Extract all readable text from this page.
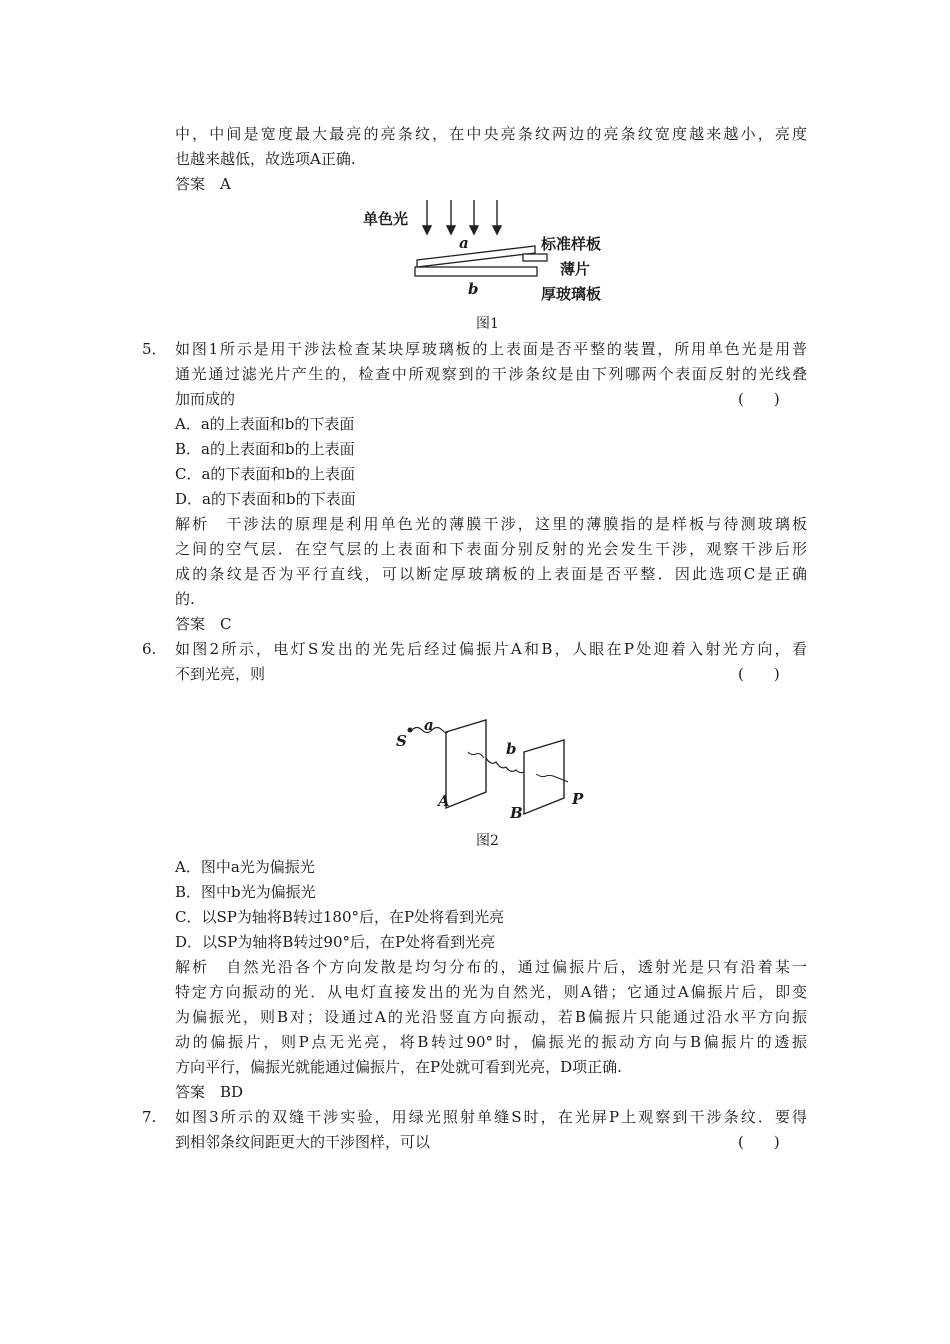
中，中间是宽度最大最亮的亮条纹，在中央亮条纹两边的亮条纹宽度越来越小，亮度
也越来越低，故选项A正确.
答案　A
单色光
a
b
标准样板
薄片
厚玻璃板
图1
5． 如图1所示是用干涉法检查某块厚玻璃板的上表面是否平整的装置，所用单色光是用普
通光通过滤光片产生的，检查中所观察到的干涉条纹是由下列哪两个表面反射的光线叠
加而成的	(　　)
A．a的上表面和b的下表面
B．a的上表面和b的上表面
C．a的下表面和b的上表面
D．a的下表面和b的下表面
解析　干涉法的原理是利用单色光的薄膜干涉，这里的薄膜指的是样板与待测玻璃板
之间的空气层．在空气层的上表面和下表面分别反射的光会发生干涉，观察干涉后形
成的条纹是否为平行直线，可以断定厚玻璃板的上表面是否平整．因此选项C是正确
的.
答案　C
6. 如图2所示，电灯S发出的光先后经过偏振片A和B，人眼在P处迎着入射光方向，看
不到光亮，则	(　　)
S
a
b
A
B
P
图2
A．图中a光为偏振光
B．图中b光为偏振光
C．以SP为轴将B转过180°后，在P处将看到光亮
D．以SP为轴将B转过90°后，在P处将看到光亮
解析　自然光沿各个方向发散是均匀分布的，通过偏振片后，透射光是只有沿着某一
特定方向振动的光．从电灯直接发出的光为自然光，则A错；它通过A偏振片后，即变
为偏振光，则B对；设通过A的光沿竖直方向振动，若B偏振片只能通过沿水平方向振
动的偏振片，则P点无光亮，将B转过90°时，偏振光的振动方向与B偏振片的透振
方向平行，偏振光就能通过偏振片，在P处就可看到光亮，D项正确.
答案　BD
7. 如图3所示的双缝干涉实验，用绿光照射单缝S时，在光屏P上观察到干涉条纹．要得
到相邻条纹间距更大的干涉图样，可以	(　　)
